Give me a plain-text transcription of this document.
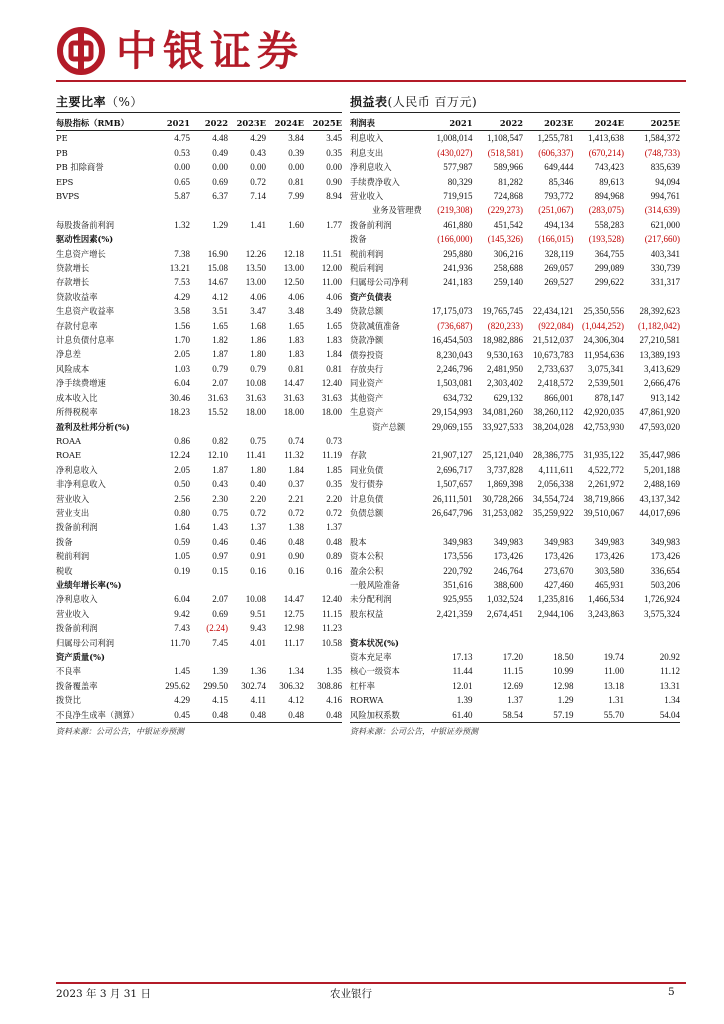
中银证券
主要比率（%）
每股指标（RMB）	2021	2022	2023E	2024E	2025E
PE	4.75	4.48	4.29	3.84	3.45
PB	0.53	0.49	0.43	0.39	0.35
PB 扣除商誉	0.00	0.00	0.00	0.00	0.00
EPS	0.65	0.69	0.72	0.81	0.90
BVPS	5.87	6.37	7.14	7.99	8.94

每股拨备前利润	1.32	1.29	1.41	1.60	1.77
驱动性因素(%)					
生息资产增长	7.38	16.90	12.26	12.18	11.51
贷款增长	13.21	15.08	13.50	13.00	12.00
存款增长	7.53	14.67	13.00	12.50	11.00
贷款收益率	4.29	4.12	4.06	4.06	4.06
生息资产收益率	3.58	3.51	3.47	3.48	3.49
存款付息率	1.56	1.65	1.68	1.65	1.65
计息负债付息率	1.70	1.82	1.86	1.83	1.83
净息差	2.05	1.87	1.80	1.83	1.84
风险成本	1.03	0.79	0.79	0.81	0.81
净手续费增速	6.04	2.07	10.08	14.47	12.40
成本收入比	30.46	31.63	31.63	31.63	31.63
所得税税率	18.23	15.52	18.00	18.00	18.00
盈利及杜邦分析(%)					
ROAA	0.86	0.82	0.75	0.74	0.73
ROAE	12.24	12.10	11.41	11.32	11.19
净利息收入	2.05	1.87	1.80	1.84	1.85
非净利息收入	0.50	0.43	0.40	0.37	0.35
营业收入	2.56	2.30	2.20	2.21	2.20
营业支出	0.80	0.75	0.72	0.72	0.72
拨备前利润	1.64	1.43	1.37	1.38	1.37
拨备	0.59	0.46	0.46	0.48	0.48
税前利润	1.05	0.97	0.91	0.90	0.89
税收	0.19	0.15	0.16	0.16	0.16
业绩年增长率(%)					
净利息收入	6.04	2.07	10.08	14.47	12.40
营业收入	9.42	0.69	9.51	12.75	11.15
拨备前利润	7.43	(2.24)	9.43	12.98	11.23
归属母公司利润	11.70	7.45	4.01	11.17	10.58
资产质量(%)					
不良率	1.45	1.39	1.36	1.34	1.35
拨备覆盖率	295.62	299.50	302.74	306.32	308.86
拨贷比	4.29	4.15	4.11	4.12	4.16
不良净生成率（测算）	0.45	0.48	0.48	0.48	0.48
资料来源：公司公告，中银证券预测
损益表(人民币 百万元)
利润表	2021	2022	2023E	2024E	2025E
利息收入	1,008,014	1,108,547	1,255,781	1,413,638	1,584,372
利息支出	(430,027)	(518,581)	(606,337)	(670,214)	(748,733)
净利息收入	577,987	589,966	649,444	743,423	835,639
手续费净收入	80,329	81,282	85,346	89,613	94,094
营业收入	719,915	724,868	793,772	894,968	994,761
业务及管理费	(219,308)	(229,273)	(251,067)	(283,075)	(314,639)
拨备前利润	461,880	451,542	494,134	558,283	621,000
拨备	(166,000)	(145,326)	(166,015)	(193,528)	(217,660)
税前利润	295,880	306,216	328,119	364,755	403,341
税后利润	241,936	258,688	269,057	299,089	330,739
归属母公司净利	241,183	259,140	269,527	299,622	331,317
资产负债表					
贷款总额	17,175,073	19,765,745	22,434,121	25,350,556	28,392,623
贷款减值准备	(736,687)	(820,233)	(922,084)	(1,044,252)	(1,182,042)
贷款净额	16,454,503	18,982,886	21,512,037	24,306,304	27,210,581
债券投资	8,230,043	9,530,163	10,673,783	11,954,636	13,389,193
存放央行	2,246,796	2,481,950	2,733,637	3,075,341	3,413,629
同业资产	1,503,081	2,303,402	2,418,572	2,539,501	2,666,476
其他资产	634,732	629,132	866,001	878,147	913,142
生息资产	29,154,993	34,081,260	38,260,112	42,920,035	47,861,920
资产总额	29,069,155	33,927,533	38,204,028	42,753,930	47,593,020

存款	21,907,127	25,121,040	28,386,775	31,935,122	35,447,986
同业负债	2,696,717	3,737,828	4,111,611	4,522,772	5,201,188
发行债券	1,507,657	1,869,398	2,056,338	2,261,972	2,488,169
计息负债	26,111,501	30,728,266	34,554,724	38,719,866	43,137,342
负债总额	26,647,796	31,253,082	35,259,922	39,510,067	44,017,696

股本	349,983	349,983	349,983	349,983	349,983
资本公积	173,556	173,426	173,426	173,426	173,426
盈余公积	220,792	246,764	273,670	303,580	336,654
一般风险准备	351,616	388,600	427,460	465,931	503,206
未分配利润	925,955	1,032,524	1,235,816	1,466,534	1,726,924
股东权益	2,421,359	2,674,451	2,944,106	3,243,863	3,575,324

资本状况(%)					
资本充足率	17.13	17.20	18.50	19.74	20.92
核心一级资本	11.44	11.15	10.99	11.00	11.12
杠杆率	12.01	12.69	12.98	13.18	13.31
RORWA	1.39	1.37	1.29	1.31	1.34
风险加权系数	61.40	58.54	57.19	55.70	54.04
资料来源：公司公告，中银证券预测
2023 年 3 月 31 日	农业银行	5
